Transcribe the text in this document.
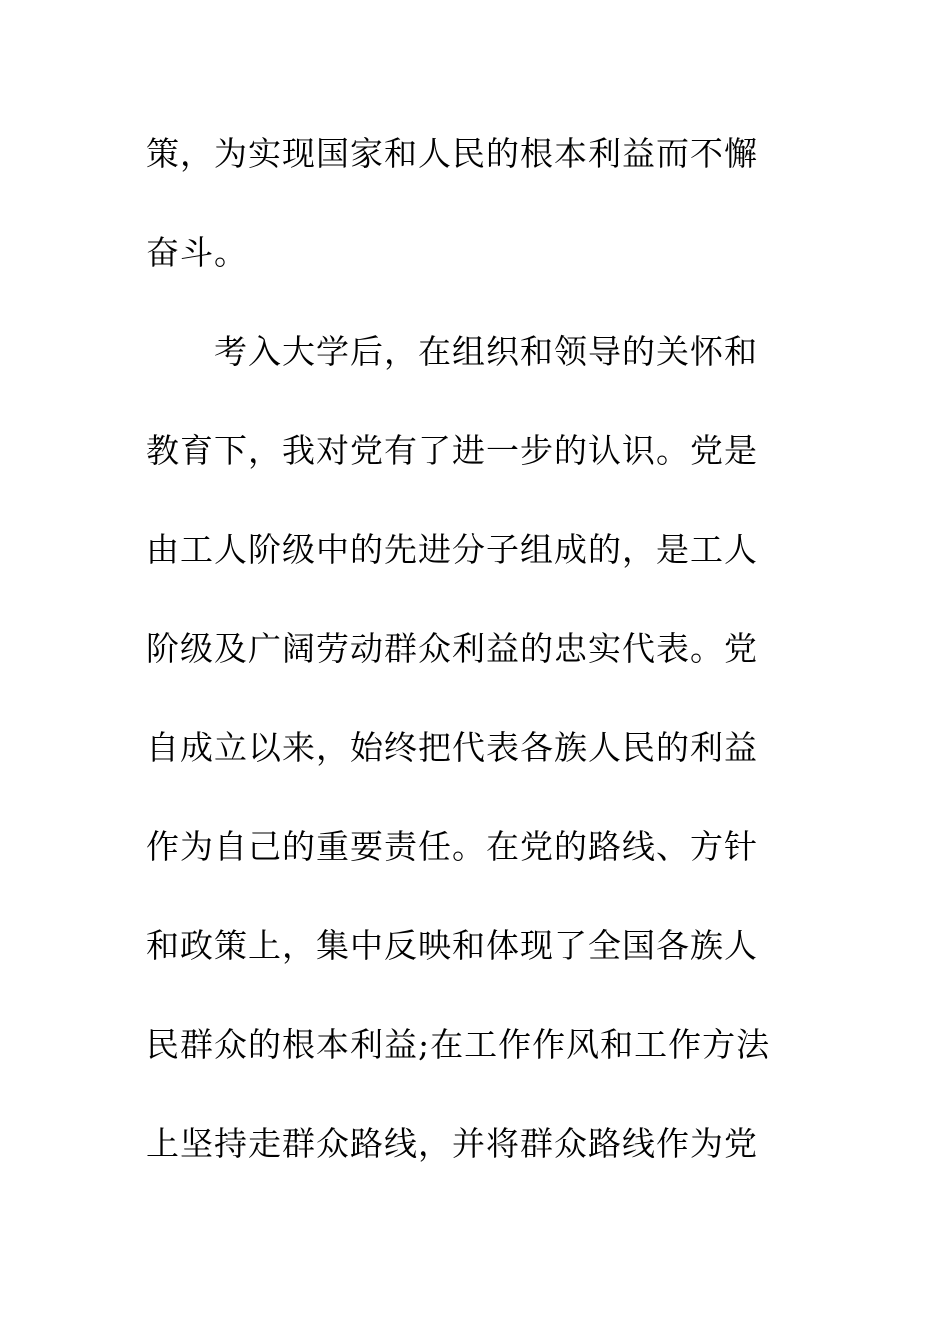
策，为实现国家和人民的根本利益而不懈

奋斗。

考入大学后，在组织和领导的关怀和

教育下，我对党有了进一步的认识。党是

由工人阶级中的先进分子组成的，是工人

阶级及广阔劳动群众利益的忠实代表。党

自成立以来，始终把代表各族人民的利益

作为自己的重要责任。在党的路线、方针

和政策上，集中反映和体现了全国各族人

民群众的根本利益;在工作作风和工作方法

上坚持走群众路线，并将群众路线作为党
